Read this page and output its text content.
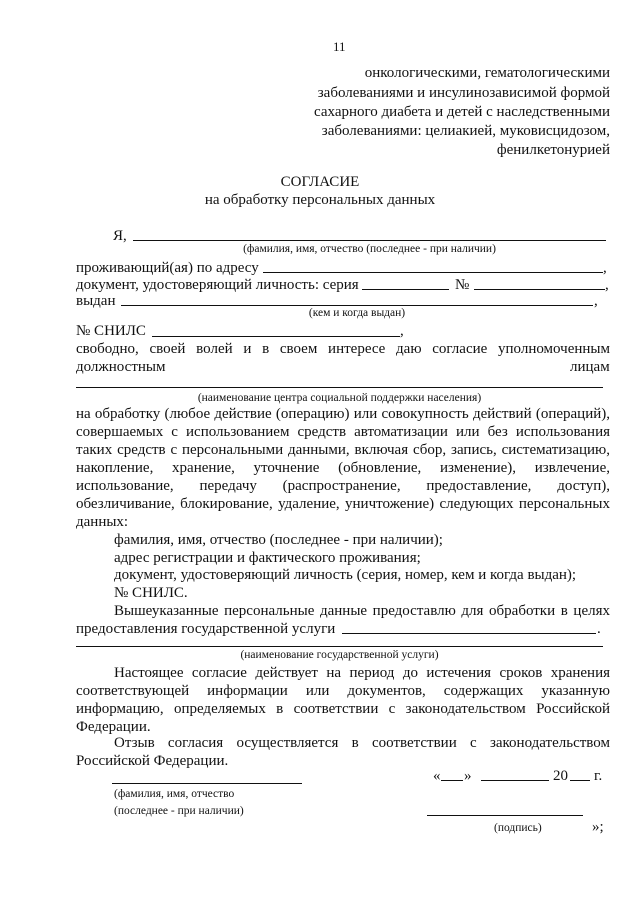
11
онкологическими, гематологическими
заболеваниями и инсулинозависимой формой
сахарного диабета и детей с наследственными
заболеваниями: целиакией, муковисцидозом,
фенилкетонурией
СОГЛАСИЕ
на обработку персональных данных
Я,
(фамилия, имя, отчество (последнее - при наличии)
проживающий(ая) по адресу	,
документ, удостоверяющий личность: серия	№	,
выдан	,
(кем и когда выдан)
№ СНИЛС	,
свободно, своей волей и в своем интересе даю согласие уполномоченным
должностным	лицам
(наименование центра социальной поддержки населения)
на обработку (любое действие (операцию) или совокупность действий (операций),
совершаемых с использованием средств автоматизации или без использования
таких средств с персональными данными, включая сбор, запись, систематизацию,
накопление, хранение, уточнение (обновление, изменение), извлечение,
использование, передачу (распространение, предоставление, доступ),
обезличивание, блокирование, удаление, уничтожение) следующих персональных
данных:
фамилия, имя, отчество (последнее - при наличии);
адрес регистрации и фактического проживания;
документ, удостоверяющий личность (серия, номер, кем и когда выдан);
№ СНИЛС.
Вышеуказанные персональные данные предоставлю для обработки в целях
предоставления государственной услуги	.
(наименование государственной услуги)
Настоящее согласие действует на период до истечения сроков хранения
соответствующей информации или документов, содержащих указанную
информацию, определяемых в соответствии с законодательством Российской
Федерации.
Отзыв согласия осуществляется в соответствии с законодательством
Российской Федерации.
« »	20 г.
(фамилия, имя, отчество
(последнее - при наличии)
(подпись)	»;
